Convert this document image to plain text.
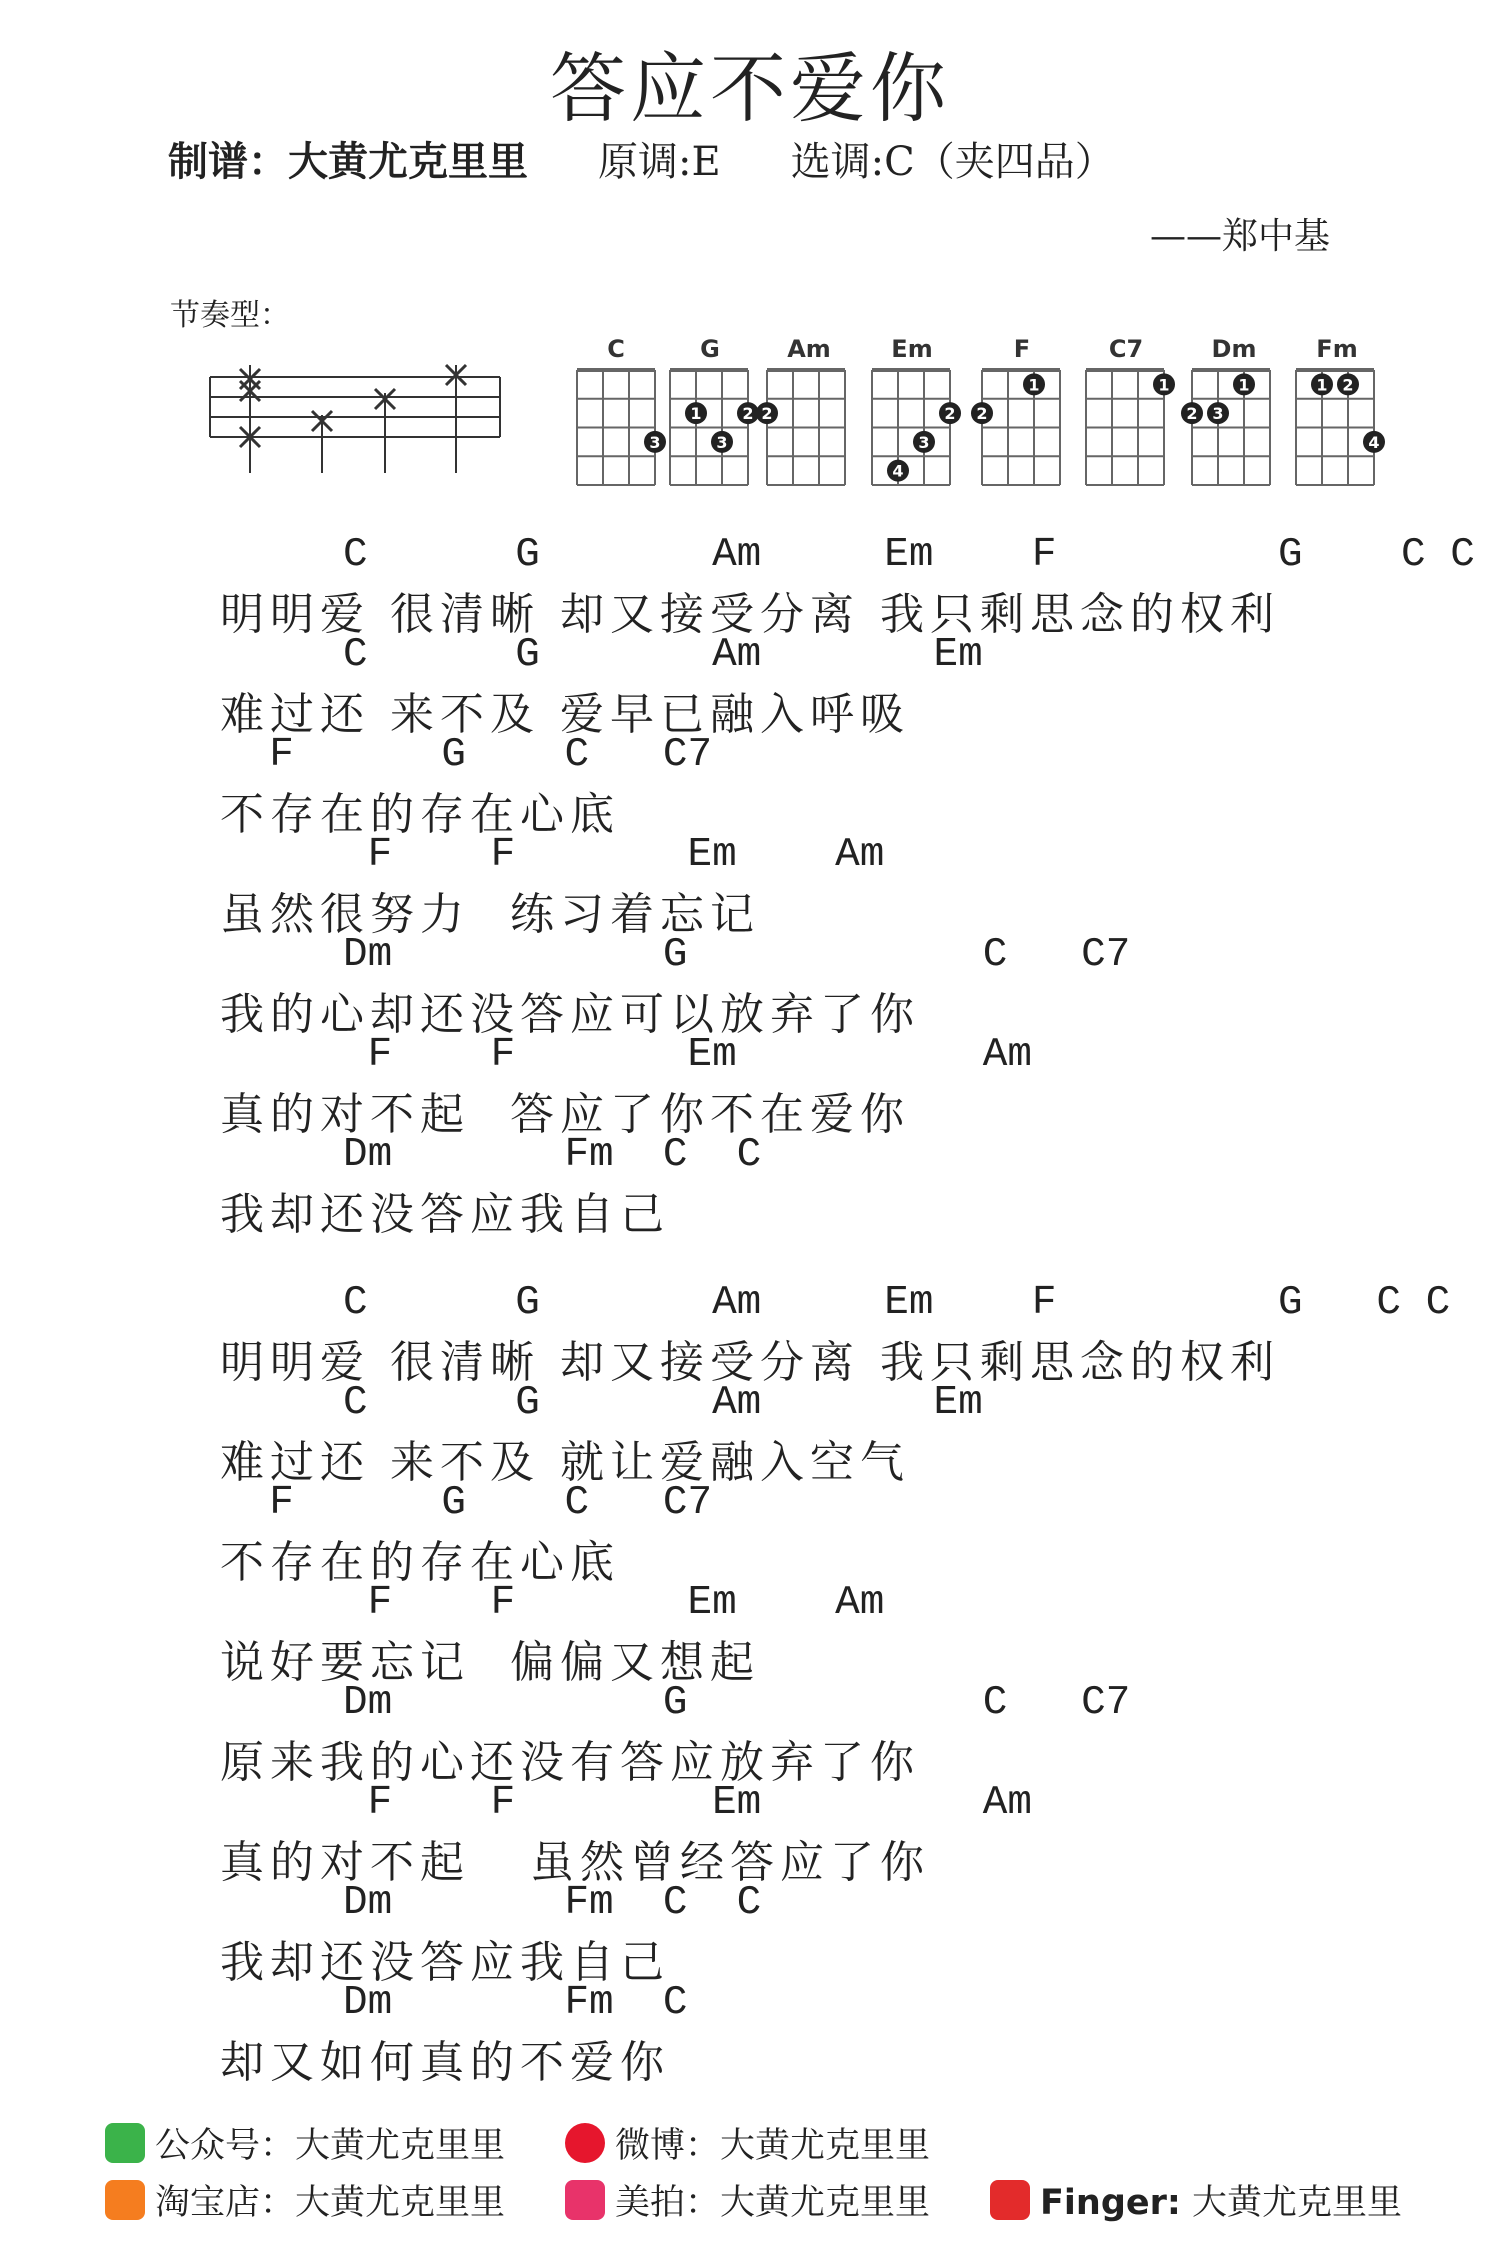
答应不爱你
制谱：大黄尤克里里 原调:E 选调:C（夹四品）
——郑中基
节奏型：
C	G	Am	Em	F	C7	Dm Fm
3
1	2
3
2	2
3
4
1
2
1	1
2 3
1 2
4
C      G       Am     Em    F         G    C C
明明爱 很清晰 却又接受分离 我只剩思念的权利
C      G       Am       Em
难过还 来不及 爱早已融入呼吸
F      G    C   C7
不存在的存在心底
F    F       Em    Am
虽然很努力  练习着忘记
Dm           G            C   C7
我的心却还没答应可以放弃了你
F    F       Em          Am
真的对不起  答应了你不在爱你
Dm       Fm  C  C
我却还没答应我自己
C      G       Am     Em    F         G   C C
明明爱 很清晰 却又接受分离 我只剩思念的权利
C      G       Am       Em
难过还 来不及 就让爱融入空气
F      G    C   C7
不存在的存在心底
F    F       Em    Am
说好要忘记  偏偏又想起
Dm           G            C   C7
原来我的心还没有答应放弃了你
F    F        Em         Am
真的对不起   虽然曾经答应了你
Dm       Fm  C  C
我却还没答应我自己
Dm       Fm  C
却又如何真的不爱你
公众号：大黄尤克里里	微博：大黄尤克里里
淘宝店：大黄尤克里里	美拍：大黄尤克里里	Finger: 大黄尤克里里
